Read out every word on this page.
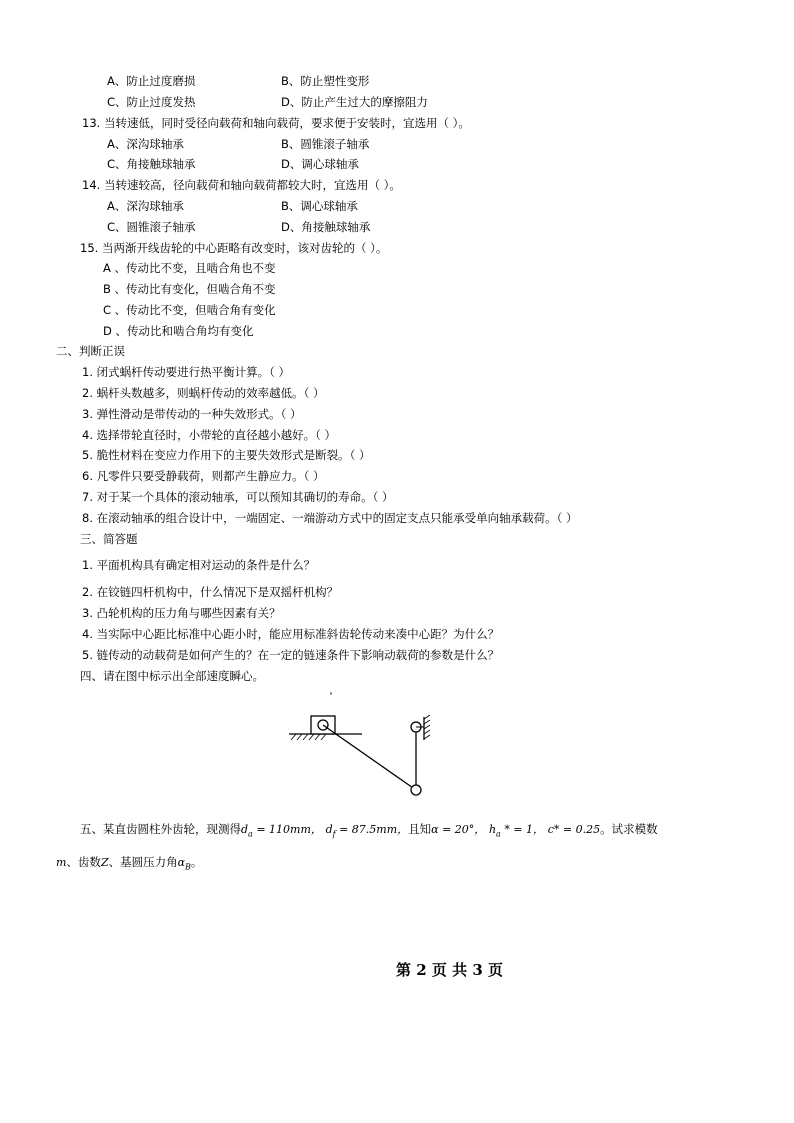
A、防止过度磨损	B、防止塑性变形
C、防止过度发热	D、防止产生过大的摩擦阻力
13. 当转速低，同时受径向载荷和轴向载荷，要求便于安装时，宜选用（ ）。
A、深沟球轴承	B、圆锥滚子轴承
C、角接触球轴承	D、调心球轴承
14. 当转速较高，径向载荷和轴向载荷都较大时，宜选用（ ）。
A、深沟球轴承	B、调心球轴承
C、圆锥滚子轴承	D、角接触球轴承
15. 当两渐开线齿轮的中心距略有改变时，该对齿轮的（ ）。
A 、传动比不变，且啮合角也不变
B 、传动比有变化，但啮合角不变
C 、传动比不变，但啮合角有变化
D 、传动比和啮合角均有变化
二、判断正误
1. 闭式蜗杆传动要进行热平衡计算。（ ）
2. 蜗杆头数越多，则蜗杆传动的效率越低。（ ）
3. 弹性滑动是带传动的一种失效形式。（ ）
4. 选择带轮直径时，小带轮的直径越小越好。（ ）
5. 脆性材料在变应力作用下的主要失效形式是断裂。（ ）
6. 凡零件只要受静载荷，则都产生静应力。（ ）
7. 对于某一个具体的滚动轴承，可以预知其确切的寿命。（ ）
8. 在滚动轴承的组合设计中，一端固定、一端游动方式中的固定支点只能承受单向轴承载荷。（ ）
三、简答题
1. 平面机构具有确定相对运动的条件是什么？
2. 在铰链四杆机构中，什么情况下是双摇杆机构？
3. 凸轮机构的压力角与哪些因素有关？
4. 当实际中心距比标准中心距小时，能应用标准斜齿轮传动来凑中心距？为什么？
5. 链传动的动载荷是如何产生的？在一定的链速条件下影响动载荷的参数是什么？
四、请在图中标示出全部速度瞬心。
五、某直齿圆柱外齿轮，现测得$d_a = 110mm$， $d_f = 87.5mm$，且知α = 20°， $h_a$ * = 1， c* = 0.25。试求模数
m、齿数Z、基圆压力角$\alpha_B$。
第 2 页 共 3 页
